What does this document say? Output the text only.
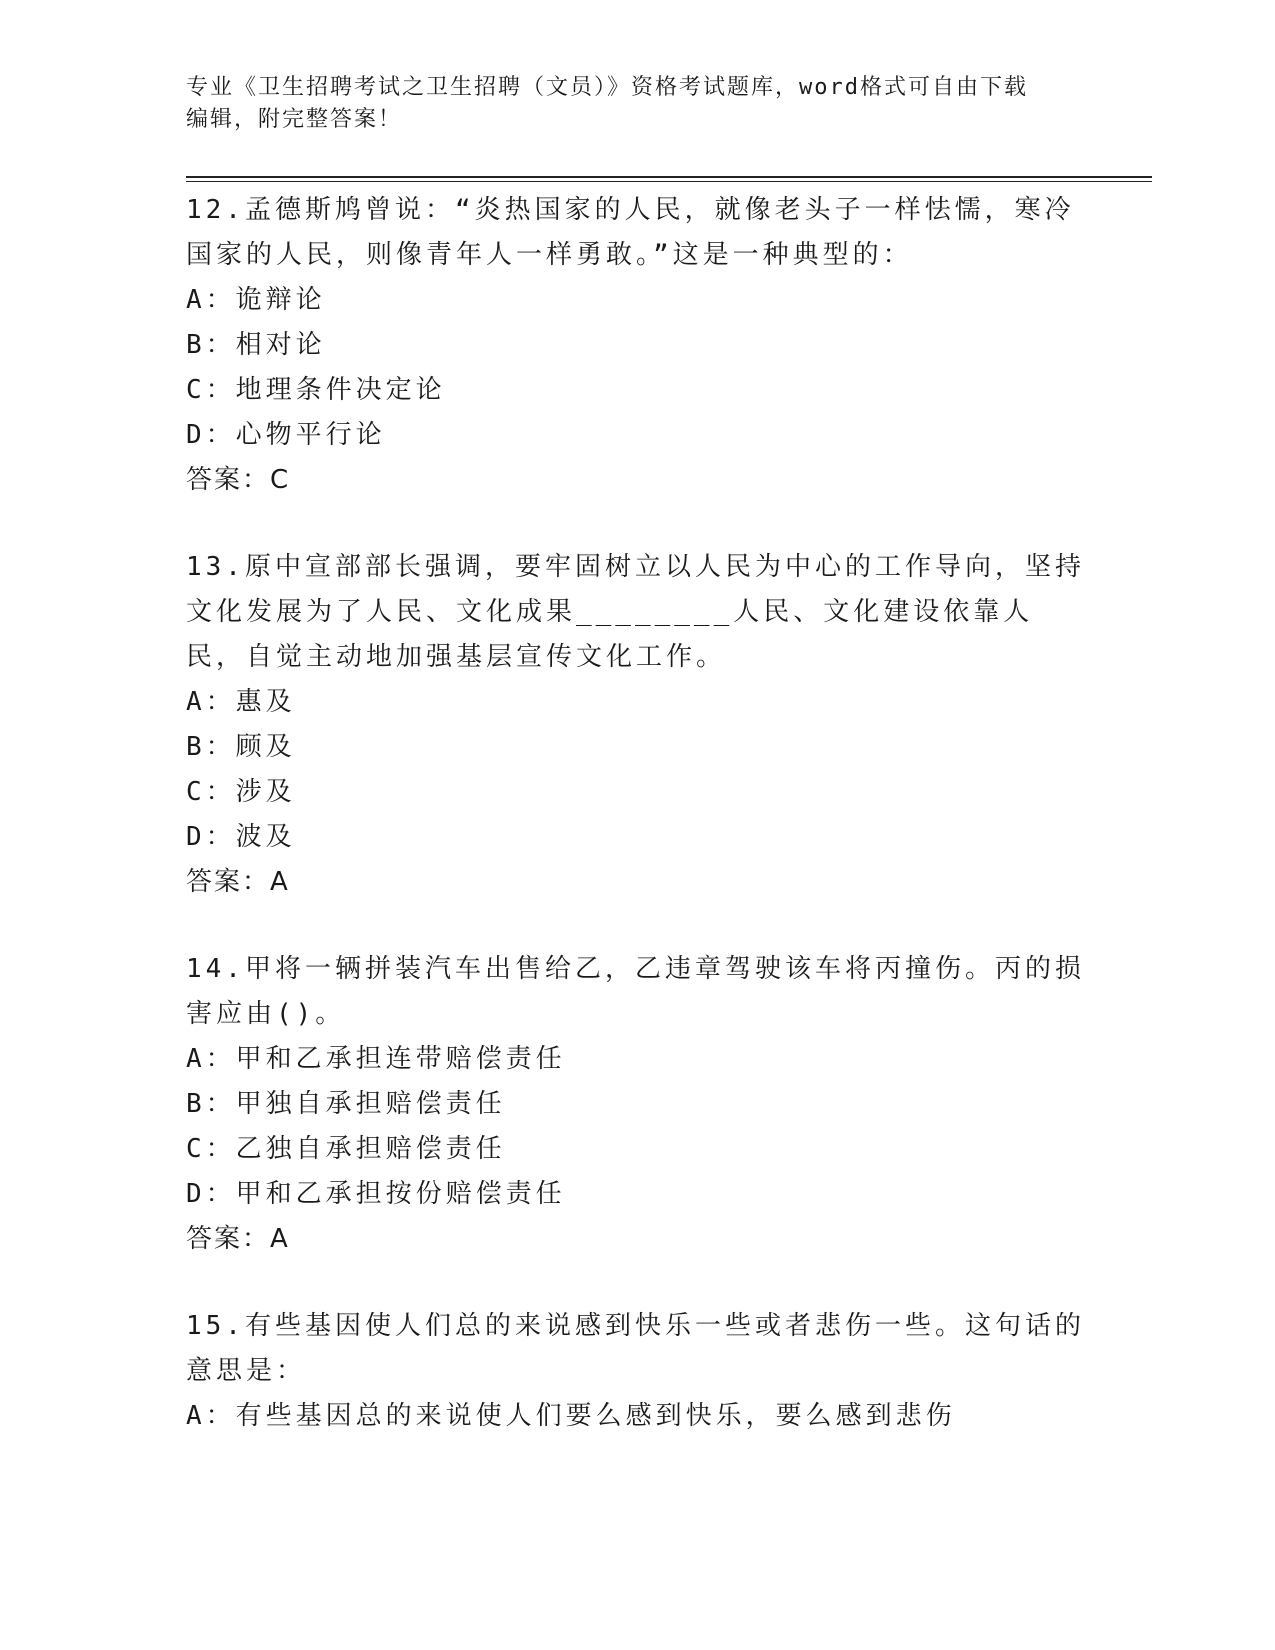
专业《卫生招聘考试之卫生招聘（文员）》资格考试题库，word格式可自由下载
编辑，附完整答案！

12.孟德斯鸠曾说：“炎热国家的人民，就像老头子一样怯懦，寒冷国家的人民，则像青年人一样勇敢。”这是一种典型的：

A：诡辩论

B：相对论

C：地理条件决定论

D：心物平行论

答案：C

13.原中宣部部长强调，要牢固树立以人民为中心的工作导向，坚持文化发展为了人民、文化成果________人民、文化建设依靠人民，自觉主动地加强基层宣传文化工作。

A：惠及

B：顾及

C：涉及

D：波及

答案：A

14.甲将一辆拼装汽车出售给乙，乙违章驾驶该车将丙撞伤。丙的损害应由()。

A：甲和乙承担连带赔偿责任

B：甲独自承担赔偿责任

C：乙独自承担赔偿责任

D：甲和乙承担按份赔偿责任

答案：A

15.有些基因使人们总的来说感到快乐一些或者悲伤一些。这句话的意思是：

A：有些基因总的来说使人们要么感到快乐，要么感到悲伤
